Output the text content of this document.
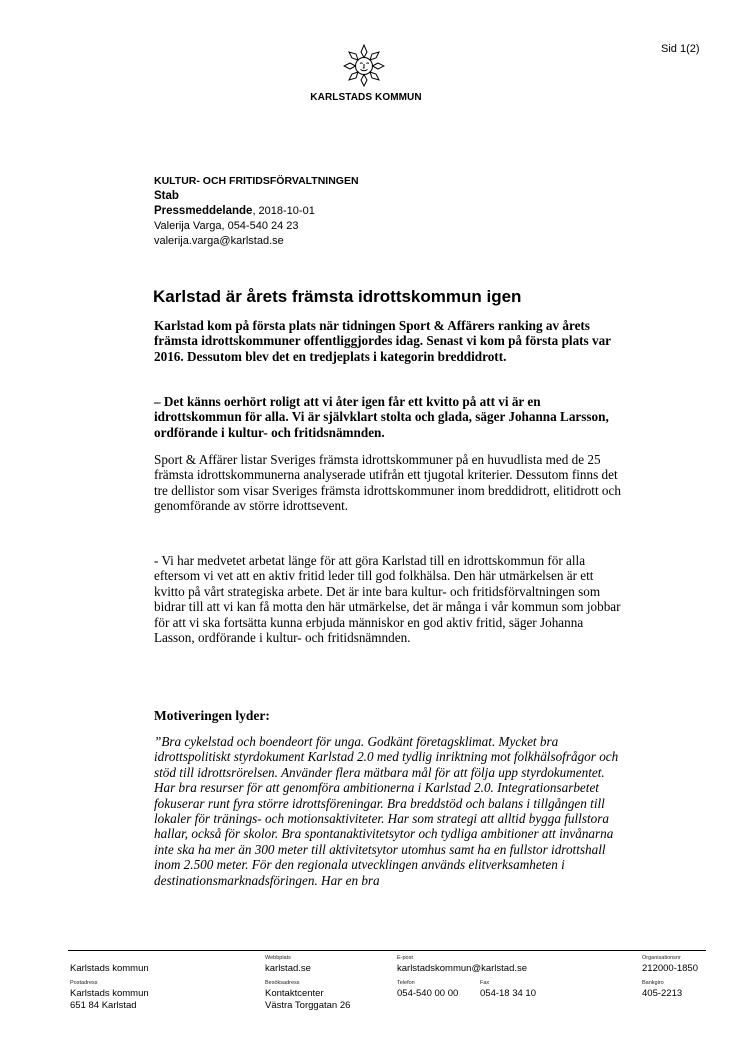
Sid 1(2)
KARLSTADS KOMMUN
KULTUR- OCH FRITIDSFÖRVALTNINGEN
Stab
Pressmeddelande, 2018-10-01
Valerija Varga, 054-540 24 23
valerija.varga@karlstad.se
Karlstad är årets främsta idrottskommun igen
Karlstad kom på första plats när tidningen Sport & Affärers ranking av årets främsta idrottskommuner offentliggjordes idag. Senast vi kom på första plats var 2016. Dessutom blev det en tredjeplats i kategorin breddidrott.
– Det känns oerhört roligt att vi åter igen får ett kvitto på att vi är en idrottskommun för alla. Vi är självklart stolta och glada, säger Johanna Larsson, ordförande i kultur- och fritidsnämnden.
Sport & Affärer listar Sveriges främsta idrottskommuner på en huvudlista med de 25 främsta idrottskommunerna analyserade utifrån ett tjugotal kriterier. Dessutom finns det tre dellistor som visar Sveriges främsta idrottskommuner inom breddidrott, elitidrott och genomförande av större idrottsevent.
- Vi har medvetet arbetat länge för att göra Karlstad till en idrottskommun för alla eftersom vi vet att en aktiv fritid leder till god folkhälsa. Den här utmärkelsen är ett kvitto på vårt strategiska arbete. Det är inte bara kultur- och fritidsförvaltningen som bidrar till att vi kan få motta den här utmärkelse, det är många i vår kommun som jobbar för att vi ska fortsätta kunna erbjuda människor en god aktiv fritid, säger Johanna Lasson, ordförande i kultur- och fritidsnämnden.
Motiveringen lyder:
”Bra cykelstad och boendeort för unga. Godkänt företagsklimat. Mycket bra idrottspolitiskt styrdokument Karlstad 2.0 med tydlig inriktning mot folkhälsofrågor och stöd till idrottsrörelsen. Använder flera mätbara mål för att följa upp styrdokumentet. Har bra resurser för att genomföra ambitionerna i Karlstad 2.0. Integrationsarbetet fokuserar runt fyra större idrottsföreningar. Bra breddstöd och balans i tillgången till lokaler för tränings- och motionsaktiviteter. Har som strategi att alltid bygga fullstora hallar, också för skolor. Bra spontanaktivitetsytor och tydliga ambitioner att invånarna inte ska ha mer än 300 meter till aktivitetsytor utomhus samt ha en fullstor idrottshall inom 2.500 meter. För den regionala utvecklingen används elitverksamheten i destinationsmarknadsföringen. Har en bra
Karlstads kommun
Postadress
Karlstads kommun
651 84 Karlstad
Webbplats
karlstad.se
Besöksadress
Kontaktcenter
Västra Torggatan 26
E-post
karlstadskommun@karlstad.se
Telefon
054-540 00 00
Fax
054-18 34 10
Organisationsnr
212000-1850
Bankgiro
405-2213
